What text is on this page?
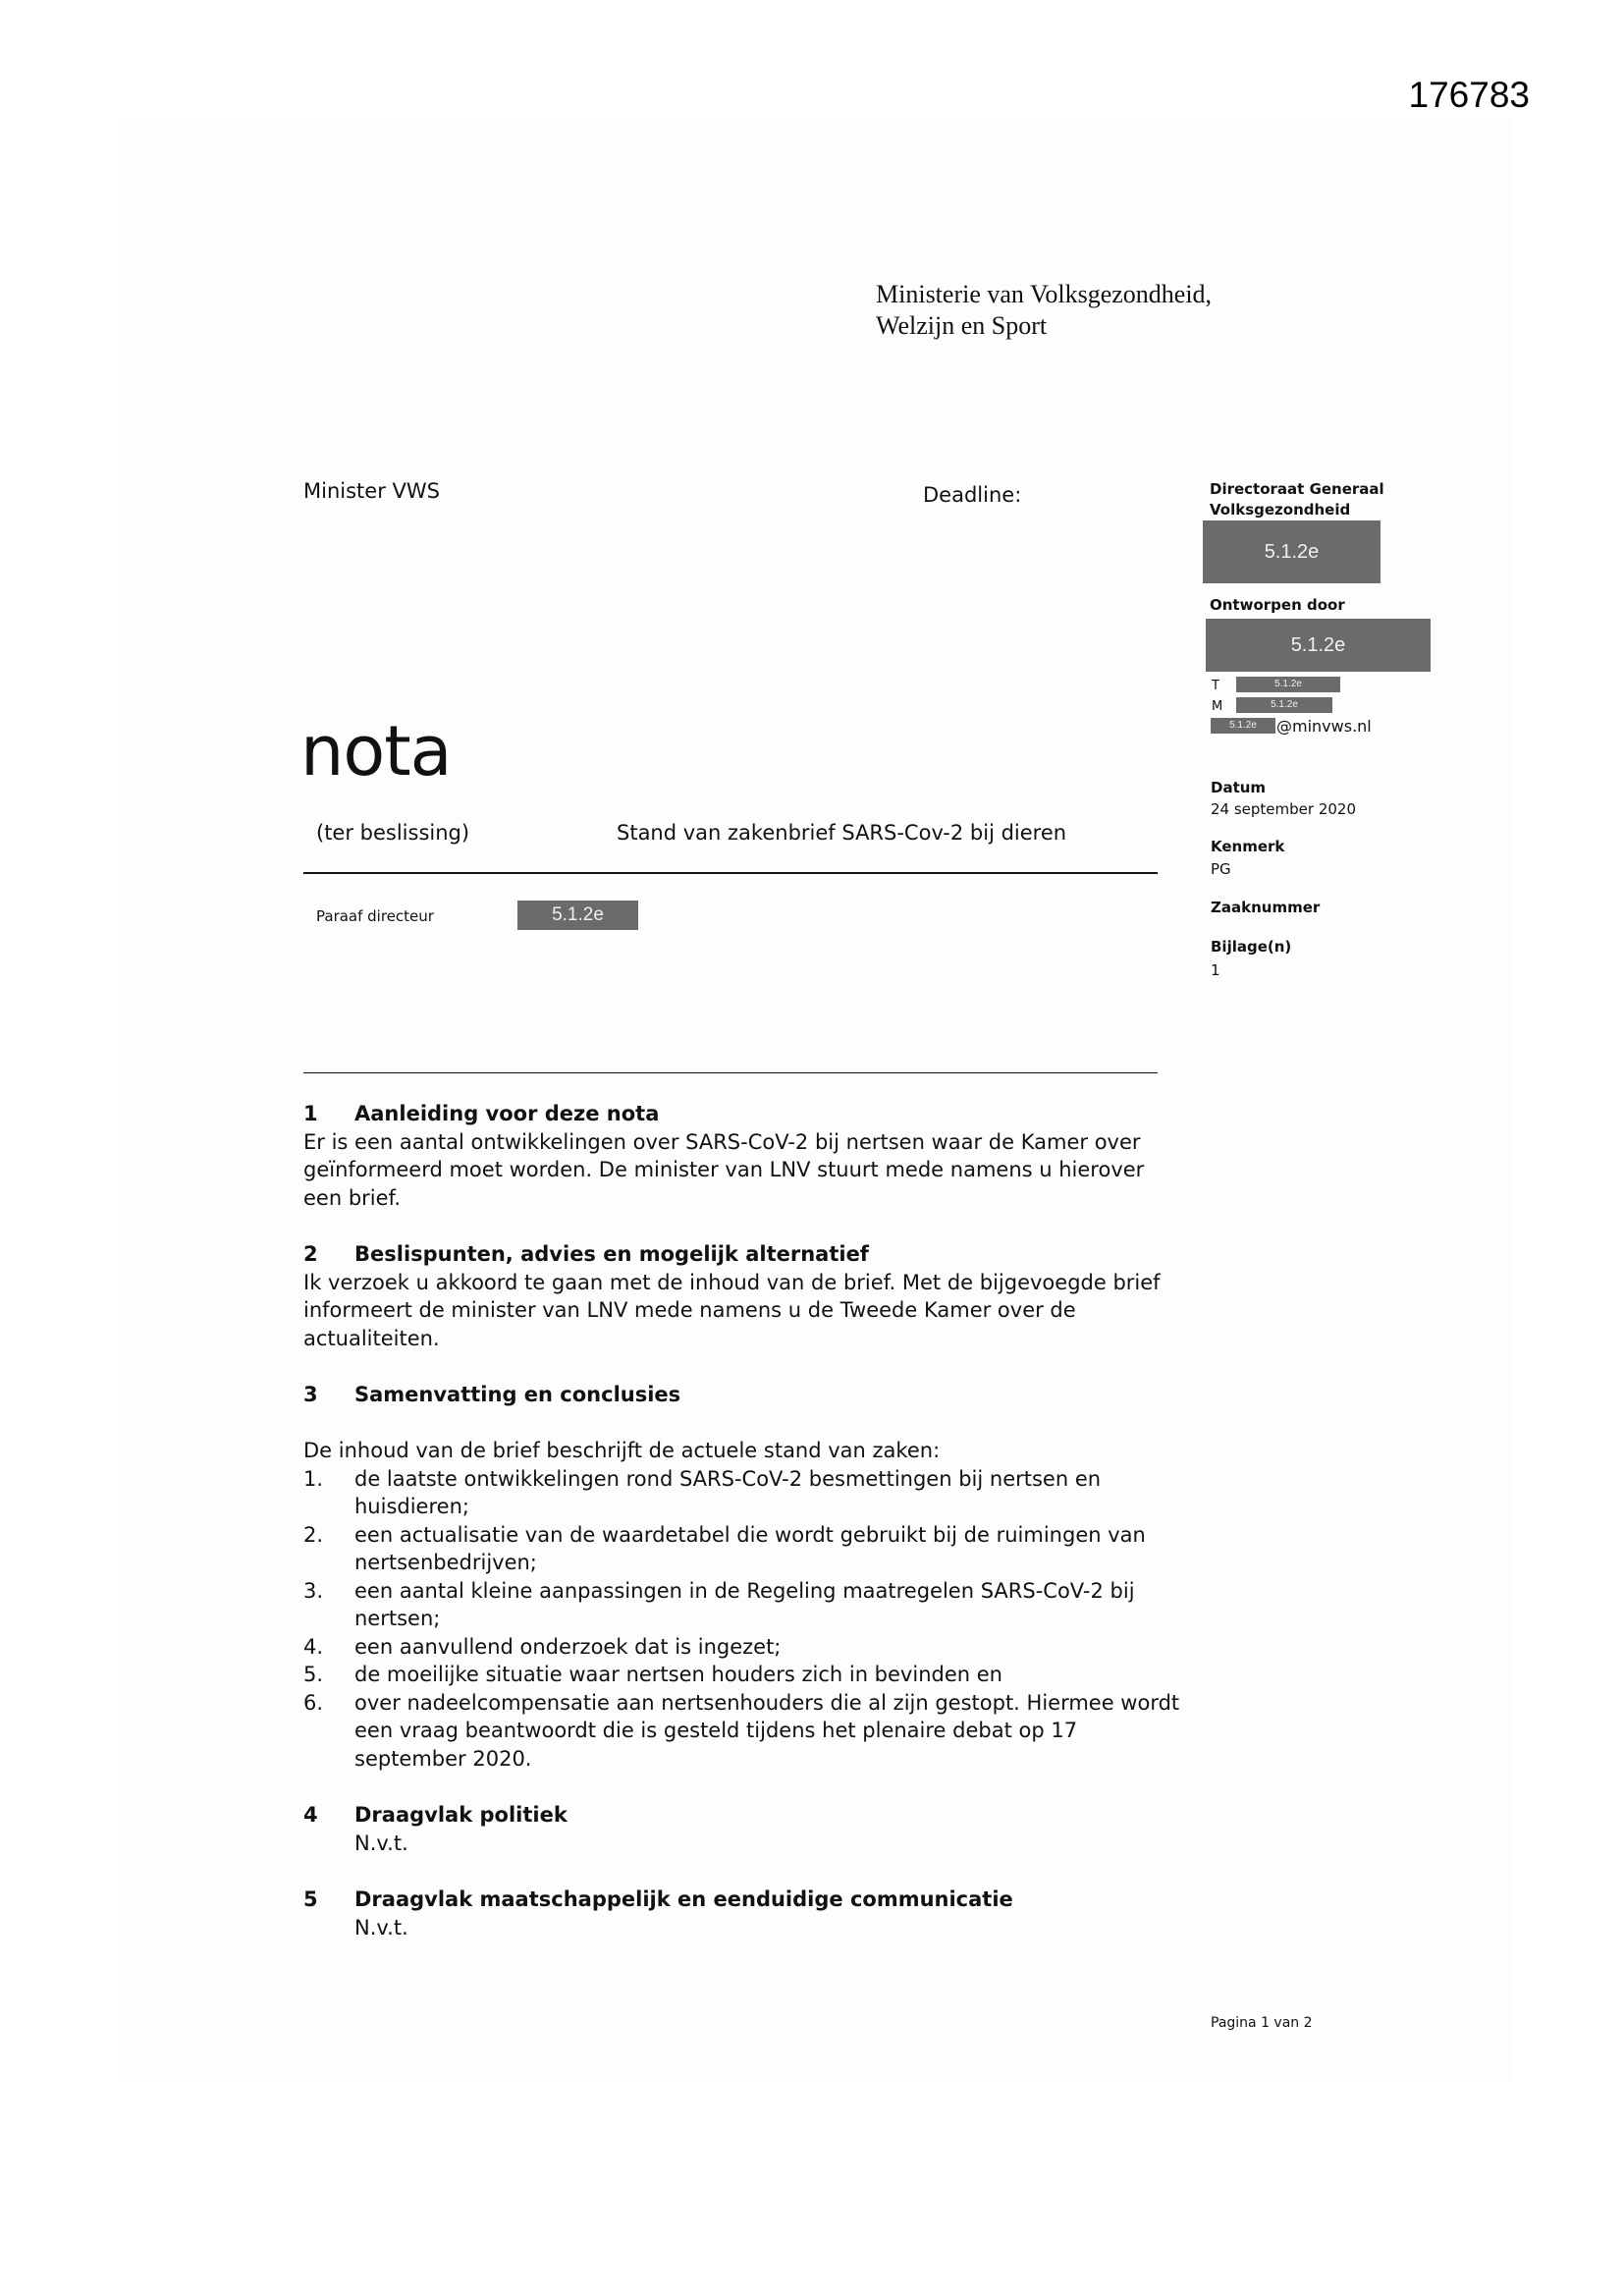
176783
Ministerie van Volksgezondheid,
Welzijn en Sport
Minister VWS	Deadline:
nota
(ter beslissing)	Stand van zakenbrief SARS-Cov-2 bij dieren
Paraaf directeur	5.1.2e
Directoraat Generaal
Volksgezondheid
5.1.2e
Ontworpen door
5.1.2e
T	5.1.2e
M	5.1.2e
5.1.2e	@minvws.nl
Datum
24 september 2020
Kenmerk
PG
Zaaknummer
Bijlage(n)
1
1	Aanleiding voor deze nota

Er is een aantal ontwikkelingen over SARS-CoV-2 bij nertsen waar de Kamer over geïnformeerd moet worden. De minister van LNV stuurt mede namens u hierover een brief.

2	Beslispunten, advies en mogelijk alternatief

Ik verzoek u akkoord te gaan met de inhoud van de brief. Met de bijgevoegde brief informeert de minister van LNV mede namens u de Tweede Kamer over de actualiteiten.

3	Samenvatting en conclusies

De inhoud van de brief beschrijft de actuele stand van zaken:

1.	de laatste ontwikkelingen rond SARS-CoV-2 besmettingen bij nertsen en huisdieren;
2.	een actualisatie van de waardetabel die wordt gebruikt bij de ruimingen van nertsenbedrijven;
3.	een aantal kleine aanpassingen in de Regeling maatregelen SARS-CoV-2 bij nertsen;
4.	een aanvullend onderzoek dat is ingezet;
5.	de moeilijke situatie waar nertsen houders zich in bevinden en
6.	over nadeelcompensatie aan nertsenhouders die al zijn gestopt. Hiermee wordt een vraag beantwoordt die is gesteld tijdens het plenaire debat op 17 september 2020.
4	Draagvlak politiek

N.v.t.

5	Draagvlak maatschappelijk en eenduidige communicatie

N.v.t.

Pagina 1 van 2
